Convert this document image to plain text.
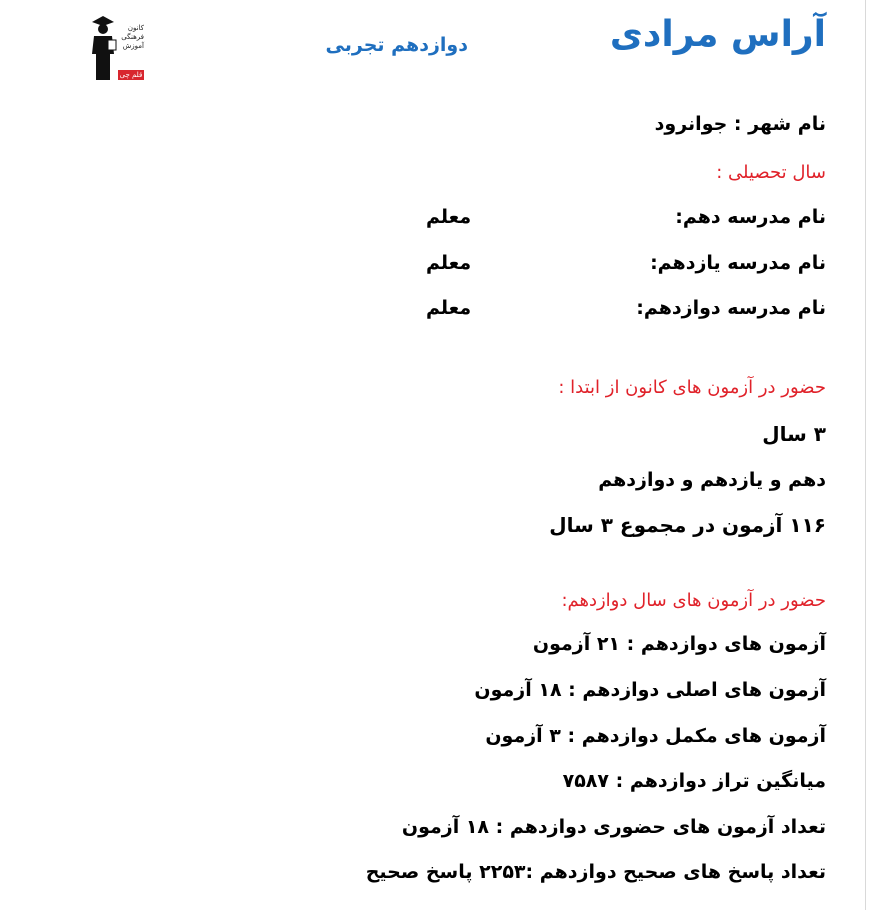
آراس مرادی
دوازدهم تجربی
کانون
فرهنگی
آموزش
قلم چی
نام شهر : جوانرود
سال تحصیلی :
نام مدرسه دهم:
معلم
نام مدرسه یازدهم:
معلم
نام مدرسه دوازدهم:
معلم
حضور در آزمون های کانون از ابتدا :
۳ سال
دهم و یازدهم و دوازدهم
۱۱۶ آزمون در مجموع ۳ سال
حضور در آزمون های سال دوازدهم:
آزمون های دوازدهم : ۲۱ آزمون
آزمون های اصلی دوازدهم : ۱۸ آزمون
آزمون های مکمل دوازدهم : ۳ آزمون
میانگین تراز دوازدهم : ۷۵۸۷
تعداد آزمون های حضوری دوازدهم : ۱۸ آزمون
تعداد پاسخ های صحیح دوازدهم :۲۲۵۳ پاسخ صحیح
